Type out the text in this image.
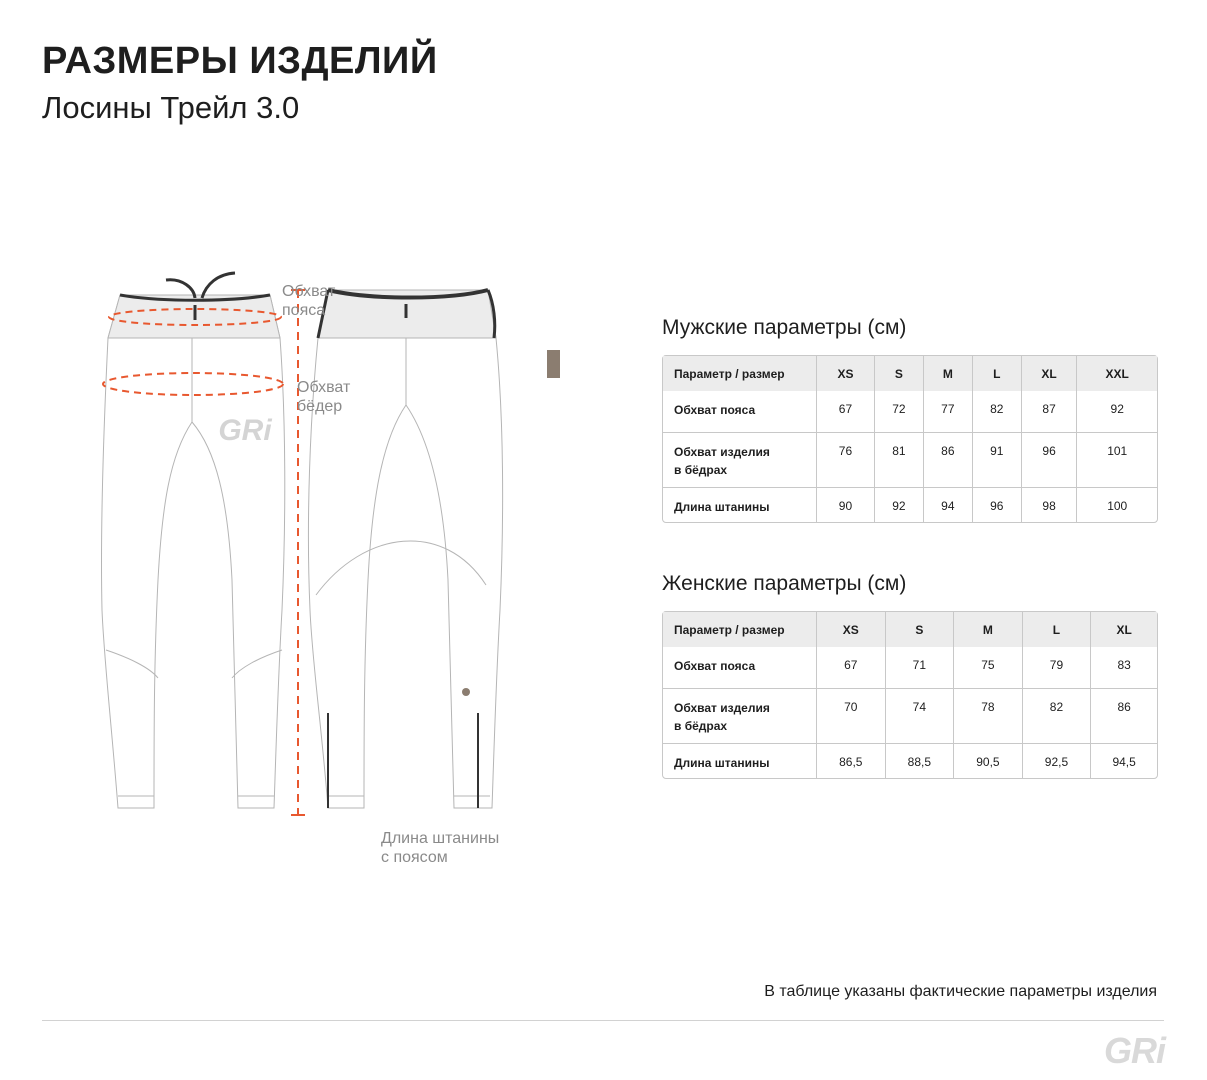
РАЗМЕРЫ ИЗДЕЛИЙ
Лосины Трейл 3.0
GRi
Обхват
пояса
Обхват
бёдер
Длина штанины
с поясом
Мужские параметры (см)
Параметр / размер	XS	S	M	L	XL	XXL
Обхват пояса	67	72	77	82	87	92
Обхват изделия
в бёдрах	76	81	86	91	96	101
Длина штанины	90	92	94	96	98	100
Женские параметры (см)
Параметр / размер	XS	S	M	L	XL
Обхват пояса	67	71	75	79	83
Обхват изделия
в бёдрах	70	74	78	82	86
Длина штанины	86,5	88,5	90,5	92,5	94,5
В таблице указаны фактические параметры изделия
GRi
